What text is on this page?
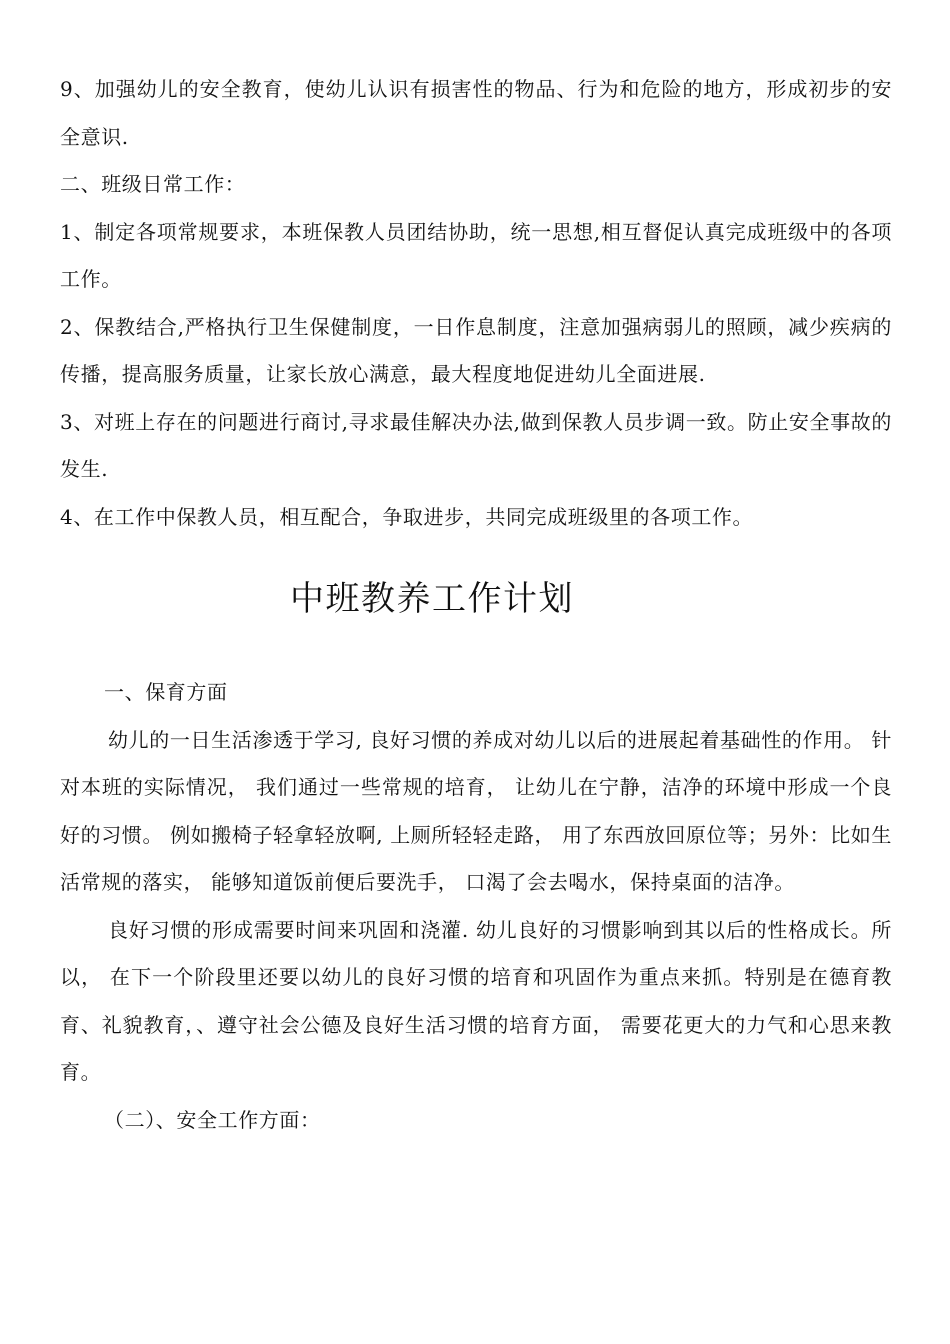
9、加强幼儿的安全教育，使幼儿认识有损害性的物品、行为和危险的地方，形成初步的安全意识.

二、班级日常工作：

1、制定各项常规要求，本班保教人员团结协助，统一思想,相互督促认真完成班级中的各项工作。

2、保教结合,严格执行卫生保健制度，一日作息制度，注意加强病弱儿的照顾，减少疾病的传播，提高服务质量，让家长放心满意，最大程度地促进幼儿全面进展.

3、对班上存在的问题进行商讨,寻求最佳解决办法,做到保教人员步调一致。防止安全事故的发生.

4、在工作中保教人员，相互配合，争取进步，共同完成班级里的各项工作。

中班教养工作计划

一、保育方面

幼儿的一日生活渗透于学习, 良好习惯的养成对幼儿以后的进展起着基础性的作用。 针对本班的实际情况， 我们通过一些常规的培育， 让幼儿在宁静，洁净的环境中形成一个良好的习惯。 例如搬椅子轻拿轻放啊, 上厕所轻轻走路， 用了东西放回原位等；另外：比如生活常规的落实， 能够知道饭前便后要洗手， 口渴了会去喝水，保持桌面的洁净。

良好习惯的形成需要时间来巩固和浇灌. 幼儿良好的习惯影响到其以后的性格成长。所以， 在下一个阶段里还要以幼儿的良好习惯的培育和巩固作为重点来抓。特别是在德育教育、礼貌教育，、遵守社会公德及良好生活习惯的培育方面， 需要花更大的力气和心思来教育。

（二）、安全工作方面：
